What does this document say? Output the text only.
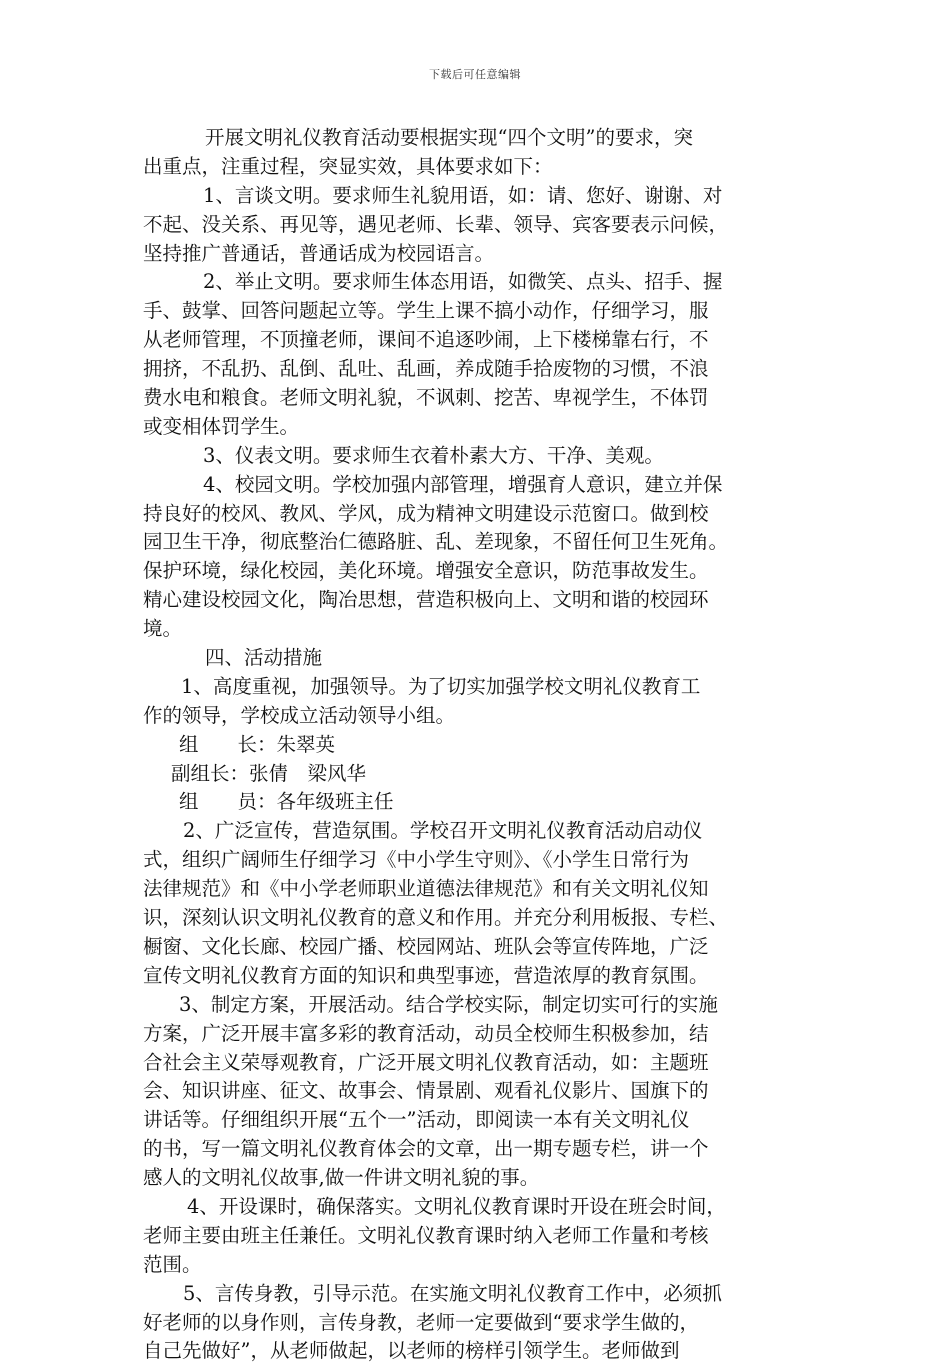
下载后可任意编辑
开展文明礼仪教育活动要根据实现“四个文明”的要求，突
出重点，注重过程，突显实效，具体要求如下：
1、言谈文明。要求师生礼貌用语，如：请、您好、谢谢、对
不起、没关系、再见等，遇见老师、长辈、领导、宾客要表示问候，
坚持推广普通话，普通话成为校园语言。
2、举止文明。要求师生体态用语，如微笑、点头、招手、握
手、鼓掌、回答问题起立等。学生上课不搞小动作，仔细学习，服
从老师管理，不顶撞老师，课间不追逐吵闹，上下楼梯靠右行，不
拥挤，不乱扔、乱倒、乱吐、乱画，养成随手拾废物的习惯，不浪
费水电和粮食。老师文明礼貌，不讽刺、挖苦、卑视学生，不体罚
或变相体罚学生。
3、仪表文明。要求师生衣着朴素大方、干净、美观。
4、校园文明。学校加强内部管理，增强育人意识，建立并保
持良好的校风、教风、学风，成为精神文明建设示范窗口。做到校
园卫生干净，彻底整治仁德路脏、乱、差现象，不留任何卫生死角。
保护环境，绿化校园，美化环境。增强安全意识，防范事故发生。
精心建设校园文化，陶冶思想，营造积极向上、文明和谐的校园环
境。
四、活动措施
1、高度重视，加强领导。为了切实加强学校文明礼仪教育工
作的领导，学校成立活动领导小组。
组　　长：朱翠英
副组长：张倩　梁风华
组　　员：各年级班主任
2、广泛宣传，营造氛围。学校召开文明礼仪教育活动启动仪
式，组织广阔师生仔细学习《中小学生守则》、《小学生日常行为
法律规范》和《中小学老师职业道德法律规范》和有关文明礼仪知
识，深刻认识文明礼仪教育的意义和作用。并充分利用板报、专栏、
橱窗、文化长廊、校园广播、校园网站、班队会等宣传阵地，广泛
宣传文明礼仪教育方面的知识和典型事迹，营造浓厚的教育氛围。
3、制定方案，开展活动。结合学校实际，制定切实可行的实施
方案，广泛开展丰富多彩的教育活动，动员全校师生积极参加，结
合社会主义荣辱观教育，广泛开展文明礼仪教育活动，如：主题班
会、知识讲座、征文、故事会、情景剧、观看礼仪影片、国旗下的
讲话等。仔细组织开展“五个一”活动，即阅读一本有关文明礼仪
的书，写一篇文明礼仪教育体会的文章，出一期专题专栏，讲一个
感人的文明礼仪故事,做一件讲文明礼貌的事。
4、开设课时，确保落实。文明礼仪教育课时开设在班会时间，
老师主要由班主任兼任。文明礼仪教育课时纳入老师工作量和考核
范围。
5、言传身教，引导示范。在实施文明礼仪教育工作中，必须抓
好老师的以身作则，言传身教，老师一定要做到“要求学生做的，
自己先做好”，从老师做起，以老师的榜样引领学生。老师做到
